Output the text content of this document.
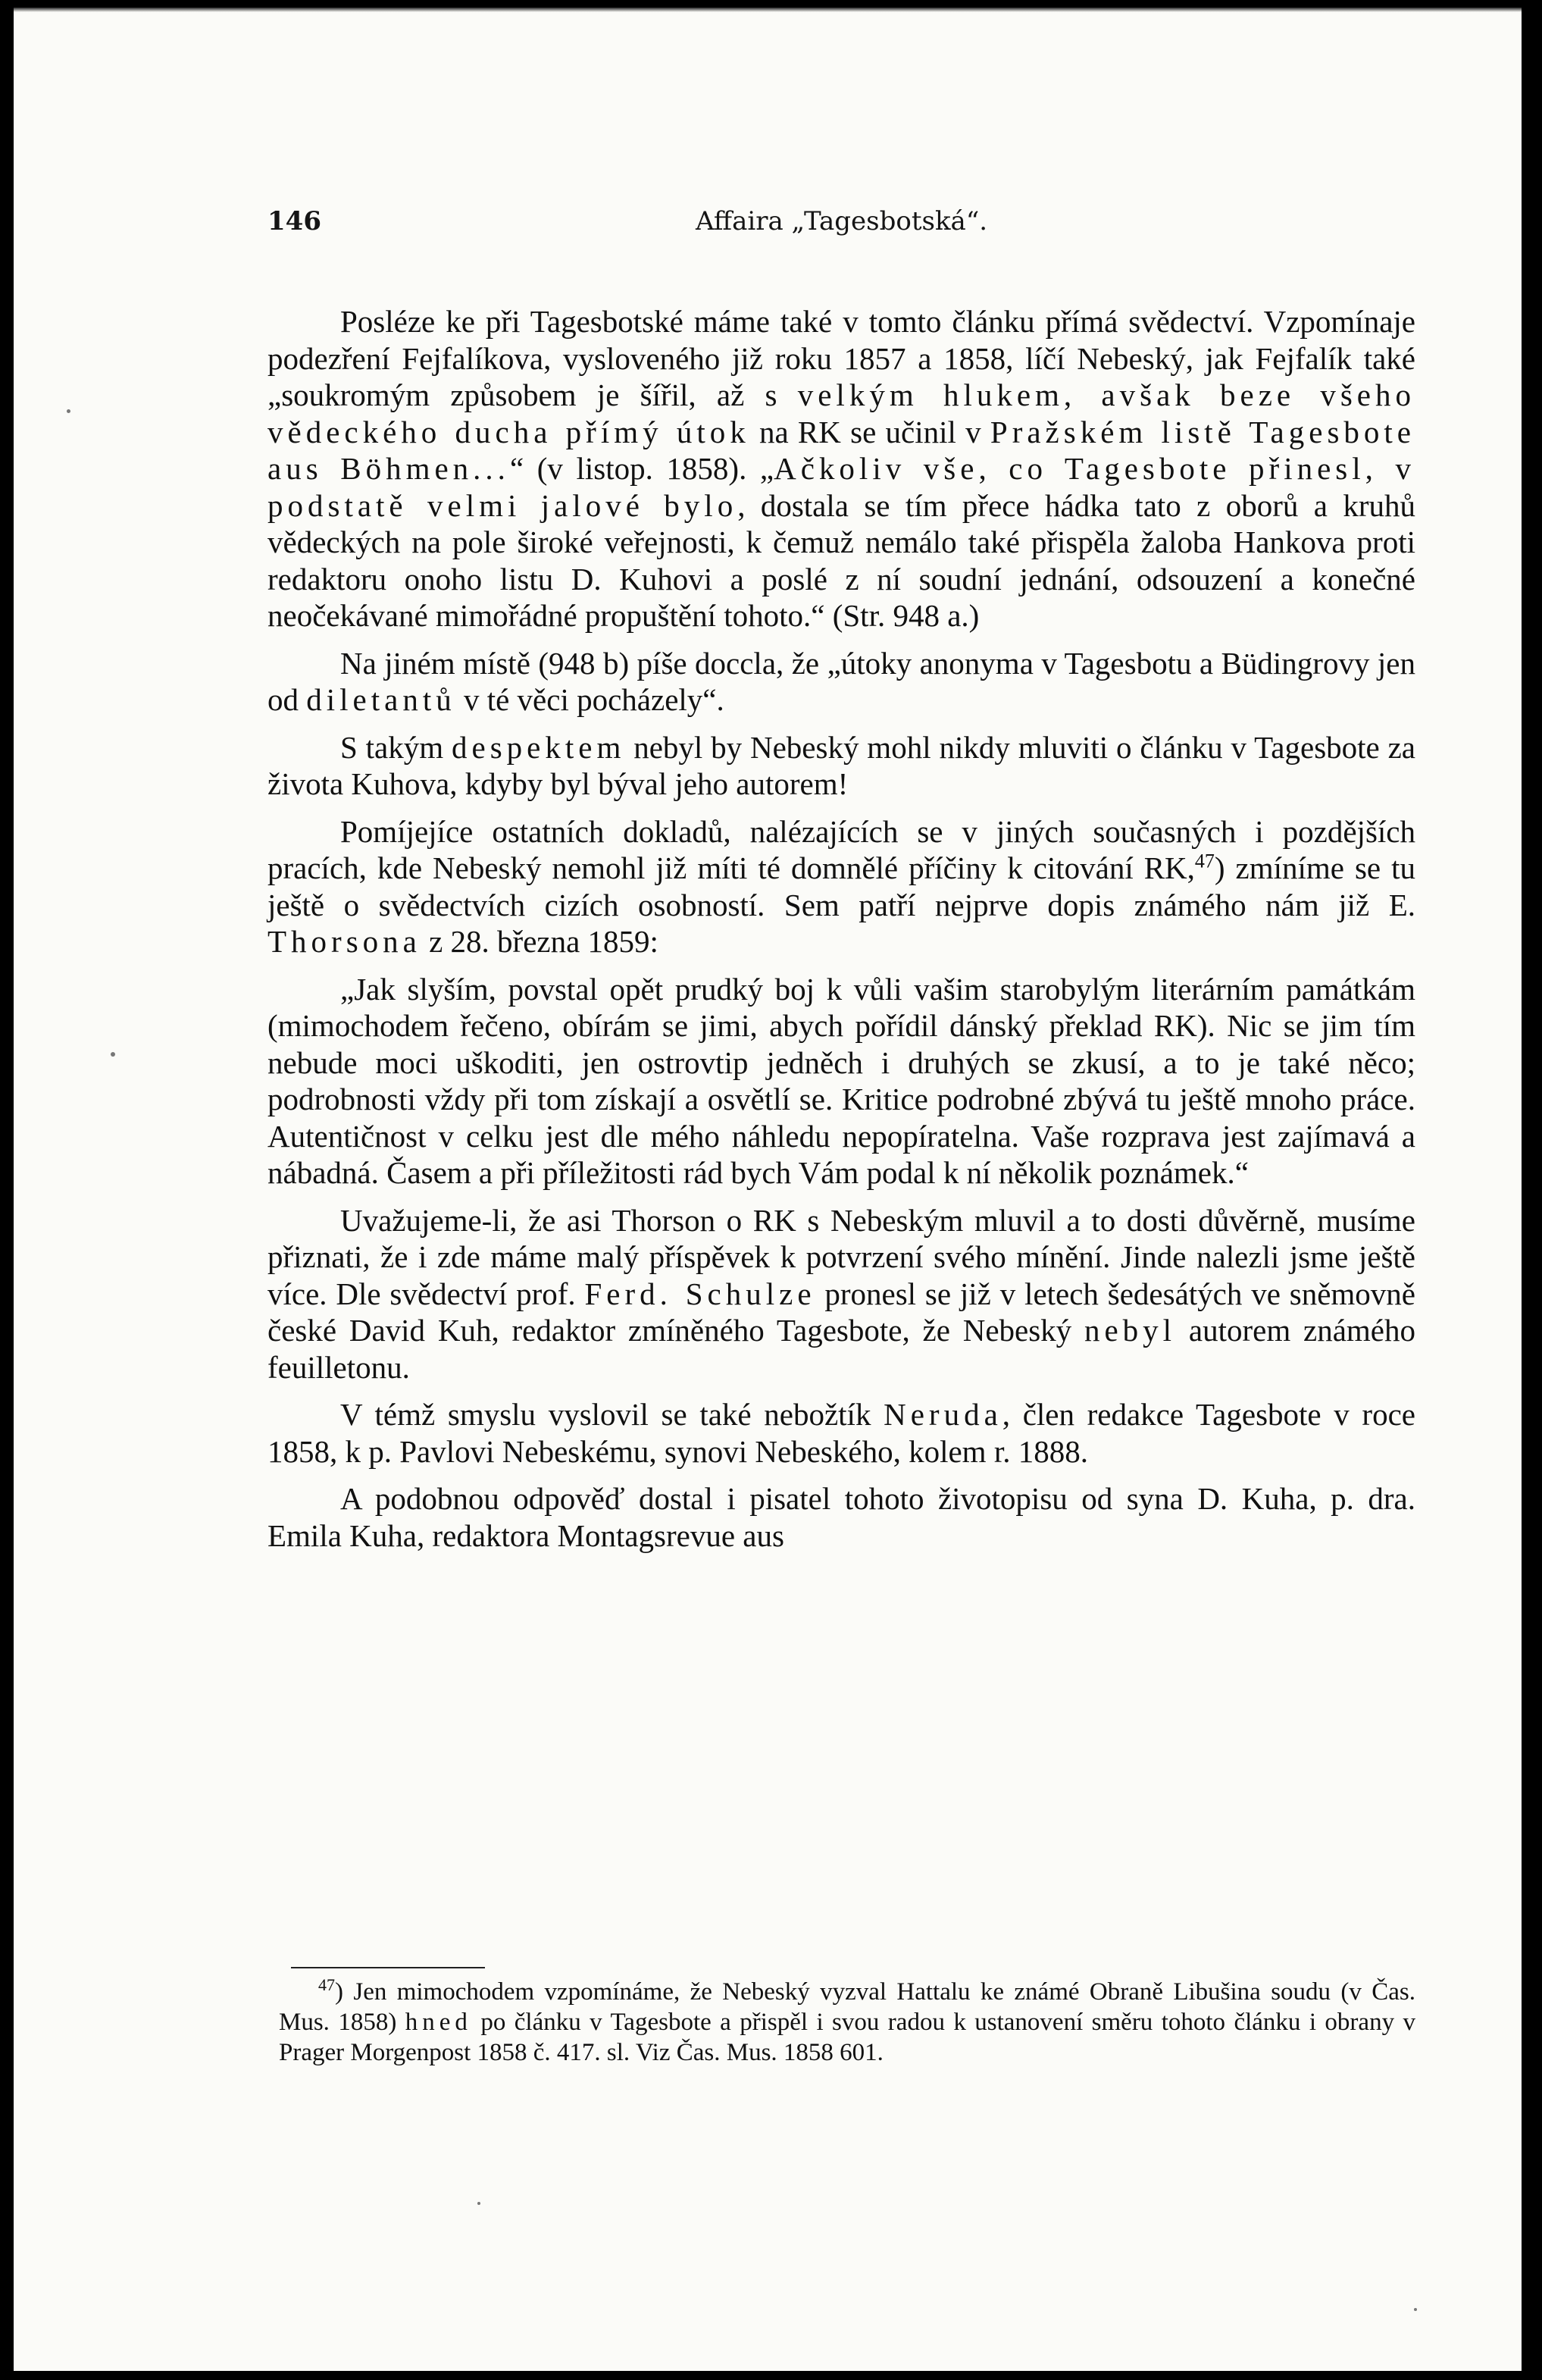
146	Affaira „Tagesbotská“.

Posléze ke při Tagesbotské máme také v tomto článku přímá svědectví. Vzpomínaje podezření Fejfalíkova, vysloveného již roku 1857 a 1858, líčí Nebeský, jak Fejfalík také „soukromým způsobem je šířil, až s velkým hlukem, avšak beze všeho vědeckého ducha přímý útok na RK se učinil v Pražském listě Tagesbote aus Böhmen...“ (v listop. 1858). „Ačkoliv vše, co Tagesbote přinesl, v podstatě velmi jalové bylo, dostala se tím přece hádka tato z oborů a kruhů vědeckých na pole široké veřejnosti, k čemuž nemálo také přispěla žaloba Hankova proti redaktoru onoho listu D. Kuhovi a poslé z ní soudní jednání, odsouzení a konečné neočekávané mimořádné propuštění tohoto.“ (Str. 948 a.)

Na jiném místě (948 b) píše doccla, že „útoky anonyma v Tagesbotu a Büdingrovy jen od diletantů v té věci pocházely“.

S takým despektem nebyl by Nebeský mohl nikdy mluviti o článku v Tagesbote za života Kuhova, kdyby byl býval jeho autorem!

Pomíjejíce ostatních dokladů, nalézajících se v jiných současných i pozdějších pracích, kde Nebeský nemohl již míti té domnělé příčiny k citování RK,$^{47}$) zmíníme se tu ještě o svědectvích cizích osobností. Sem patří nejprve dopis známého nám již E. Thorsona z 28. března 1859:

„Jak slyším, povstal opět prudký boj k vůli vašim starobylým literárním památkám (mimochodem řečeno, obírám se jimi, abych pořídil dánský překlad RK). Nic se jim tím nebude moci uškoditi, jen ostrovtip jedněch i druhých se zkusí, a to je také něco; podrobnosti vždy při tom získají a osvětlí se. Kritice podrobné zbývá tu ještě mnoho práce. Autentičnost v celku jest dle mého náhledu nepopíratelna. Vaše rozprava jest zajímavá a nábadná. Časem a při příležitosti rád bych Vám podal k ní několik poznámek.“

Uvažujeme-li, že asi Thorson o RK s Nebeským mluvil a to dosti důvěrně, musíme přiznati, že i zde máme malý příspěvek k potvrzení svého mínění. Jinde nalezli jsme ještě více. Dle svědectví prof. Ferd. Schulze pronesl se již v letech šedesátých ve sněmovně české David Kuh, redaktor zmíněného Tagesbote, že Nebeský nebyl autorem známého feuilletonu.

V témž smyslu vyslovil se také nebožtík Neruda, člen redakce Tagesbote v roce 1858, k p. Pavlovi Nebeskému, synovi Nebeského, kolem r. 1888.

A podobnou odpověď dostal i pisatel tohoto životopisu od syna D. Kuha, p. dra. Emila Kuha, redaktora Montagsrevue aus

$^{47}$) Jen mimochodem vzpomínáme, že Nebeský vyzval Hattalu ke známé Obraně Libušina soudu (v Čas. Mus. 1858) hned po článku v Tagesbote a přispěl i svou radou k ustanovení směru tohoto článku i obrany v Prager Morgenpost 1858 č. 417. sl. Viz Čas. Mus. 1858 601.
